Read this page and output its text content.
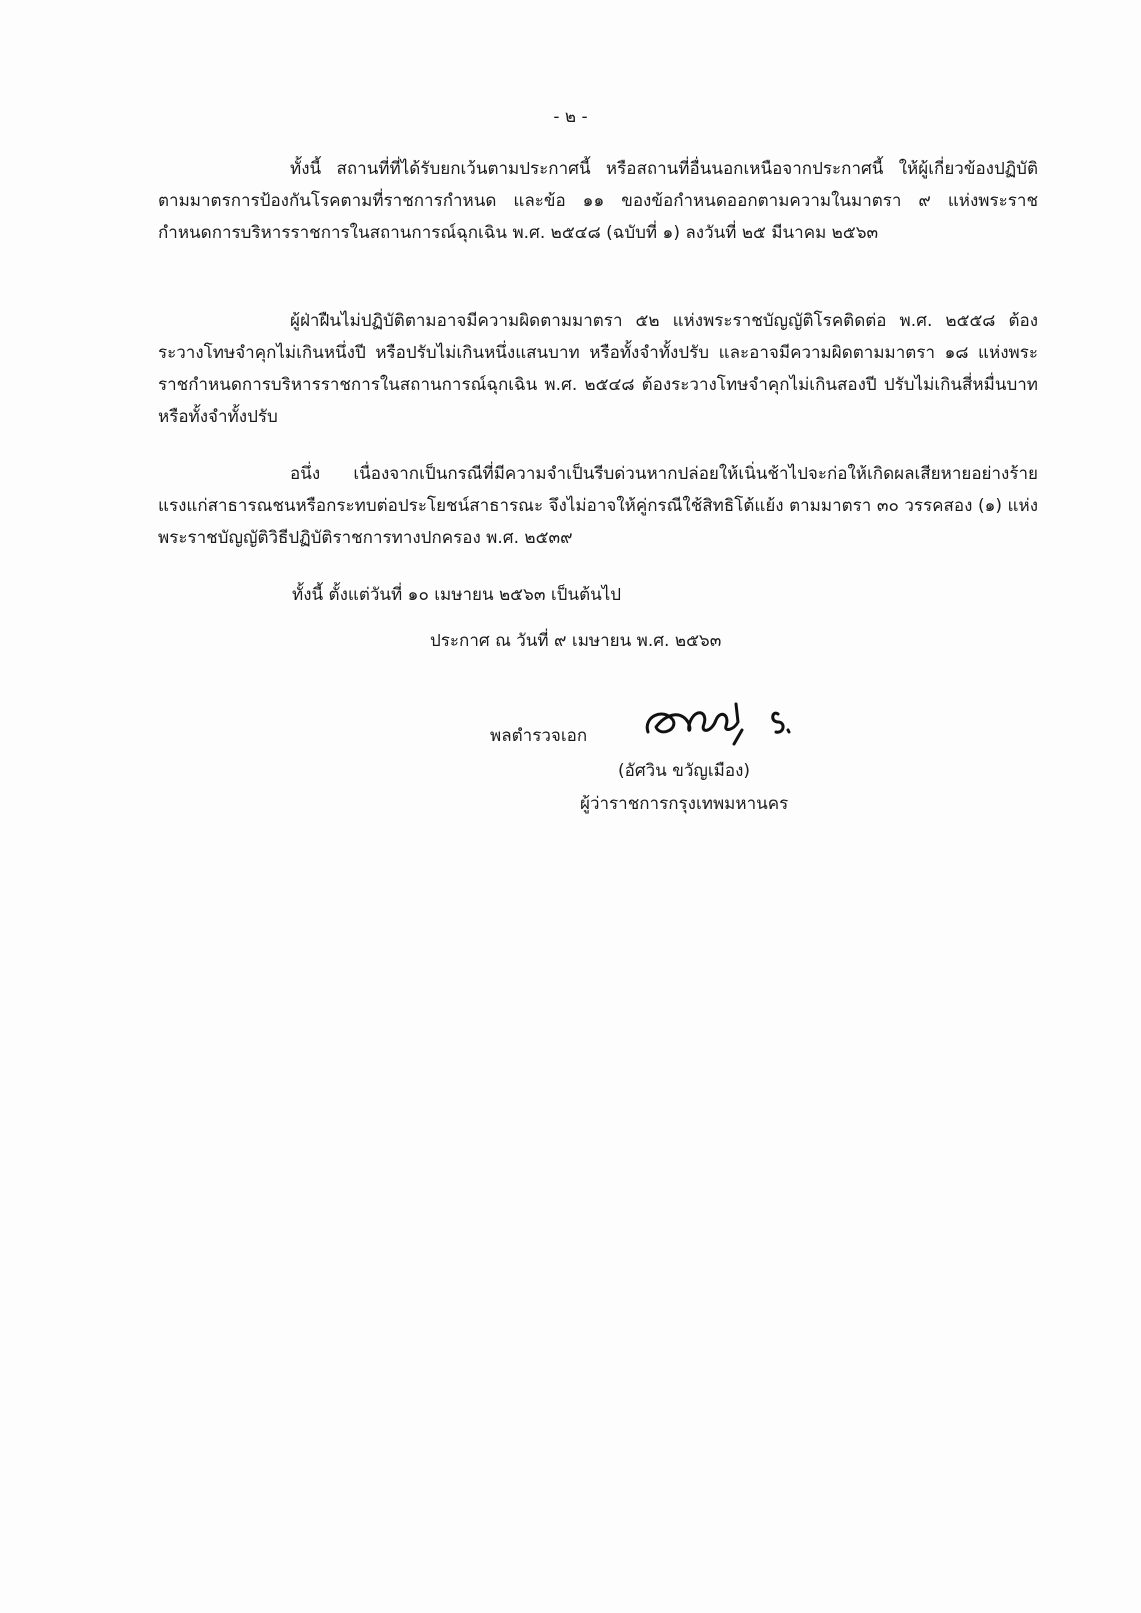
- ๒ -

ทั้งนี้ สถานที่ที่ได้รับยกเว้นตามประกาศนี้ หรือสถานที่อื่นนอกเหนือจากประกาศนี้ ให้ผู้เกี่ยวข้องปฏิบัติตามมาตรการป้องกันโรคตามที่ราชการกำหนด และข้อ ๑๑ ของข้อกำหนดออกตามความในมาตรา ๙ แห่งพระราชกำหนดการบริหารราชการในสถานการณ์ฉุกเฉิน พ.ศ. ๒๕๔๘ (ฉบับที่ ๑) ลงวันที่ ๒๕ มีนาคม ๒๕๖๓

ผู้ฝ่าฝืนไม่ปฏิบัติตามอาจมีความผิดตามมาตรา ๕๒ แห่งพระราชบัญญัติโรคติดต่อ พ.ศ. ๒๕๕๘ ต้องระวางโทษจำคุกไม่เกินหนึ่งปี หรือปรับไม่เกินหนึ่งแสนบาท หรือทั้งจำทั้งปรับ และอาจมีความผิดตามมาตรา ๑๘ แห่งพระราชกำหนดการบริหารราชการในสถานการณ์ฉุกเฉิน พ.ศ. ๒๕๔๘ ต้องระวางโทษจำคุกไม่เกินสองปี ปรับไม่เกินสี่หมื่นบาท หรือทั้งจำทั้งปรับ

อนึ่ง เนื่องจากเป็นกรณีที่มีความจำเป็นรีบด่วนหากปล่อยให้เนิ่นช้าไปจะก่อให้เกิดผลเสียหายอย่างร้ายแรงแก่สาธารณชนหรือกระทบต่อประโยชน์สาธารณะ จึงไม่อาจให้คู่กรณีใช้สิทธิโต้แย้ง ตามมาตรา ๓๐ วรรคสอง (๑) แห่งพระราชบัญญัติวิธีปฏิบัติราชการทางปกครอง พ.ศ. ๒๕๓๙

ทั้งนี้ ตั้งแต่วันที่ ๑๐ เมษายน ๒๕๖๓ เป็นต้นไป
ประกาศ ณ วันที่ ๙ เมษายน พ.ศ. ๒๕๖๓
พลตำรวจเอก
(อัศวิน ขวัญเมือง)
ผู้ว่าราชการกรุงเทพมหานคร
